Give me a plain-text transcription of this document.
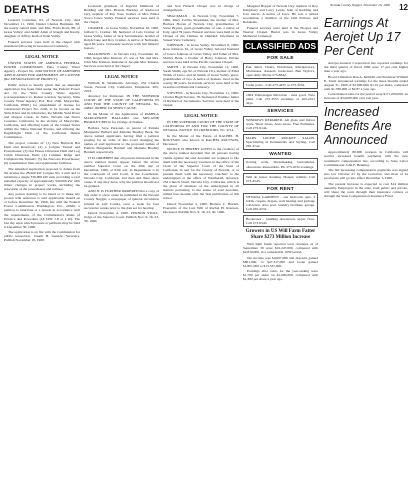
Nevada County Nugget, November 16, 1960 12
DEATHS

Leonard Cornelius, 63, of Nevada City, died November 11, 1960, Daniel Charles Hermann, 68, the nearly retired man, and Mrs. Freda Rock, 88, of Grass Valley; and Judith Allen of Rough and Ready, daughter of Jeffrey Rath of Penn Valley.

Funeral services were held at the chapel with interment following in Greenwood Cemetery.

LEGAL NOTICE

UNITED STATES OF AMERICA FEDERAL POWER COMMISSION Yuba County Water Agency - Project No. 2246 NOTICE OF AMENDED APPLICATION FOR AMENDMENT OF LICENSE (Re: DESIGNATION OF PROJECT).

Public notice is hereby given that an amended application has been filed under the Federal Power Act by the Yuba County Water Agency (correspondence to: Robert Loudon, Secretary, Yuba County Water Agency, P.O. Box 1569, Marysville, California 95901) for amendment of license for constructed Project No. 2246, to be located on the Yuba River and its tributaries, the Middle Yuba River and Oregon Creek, in Yuba, Nevada and Sierra Counties, California, in the vicinity of Marysville, California, and affecting lands of the United States within the Tahoe National Forests, and utilizing the Englebright Dam of the California Debris Commission.

The project consists of: (1) New Bullards Bar Dam and Reservoir; (2) a Colgate Tunnel and Powerhouse; (3) Our House Diversion Dam and Log Cabin Diversion Dam; (4) Lohman Ridge and Camptonville Tunnels; (5) the Narrows Powerhouse; (6) transmission lines and appurtenant facilities.

The amended application proposes to delete from the license the 28,000 kW Colgate No. 2 unit and to substitute a single 330,000 kW unit, providing a total installed capacity of approximately 340,000 kW with minor changes in project works, including the relocation of the powerhouse and tailrace.

Any person desiring to be heard or to make any protest with reference to said application should on or before December 30, 1960, file with the Federal Power Commission, Washington, D.C. 20426, a petition to intervene or a protest in accordance with the requirements of the Commission's Rules of Practice and Procedure (18 CFR 1.8 or 1.10). The last day upon which protests or petitions may be filed is December 30, 1960.

The application is on file with the Commission for public inspection. Joseph H. Gutride, Secretary. Publish November 16, 1960.

Leonards grandson of Ingvald Simmons of Redding and Mrs. Brenda Buckley of Redwood City, nephew of Ray Voss, brother of Mrs. Elmer Yocca Grace Valley. Funeral services were held at the chapel.

CRAMER - in Grass Valley, November 10, 1960, Gilbert C. Cramer, 66, husband of Lela Cramer of Grass Valley, father of Jack Sarasamonte, brother of Ralph Cane and Roy Cramer. A native of Nebraska, aged 66 years. Graveside services with full military honors.

MACKINNON - in Nevada City, November 10, 1960, Roger Mac Kinnon, 27, son of Mr. and Mrs. John Mac Kinnon, husband of Jacquie Mac Kinnon. Services were held at the chapel.

LEGAL NOTICE

William R. Weatherall, Attorney, 252 Church Street, Nevada City, California. Telephone: 265-2253.

Attorney for Petitioner. IN THE SUPERIOR COURT OF THE STATE OF CALIFORNIA IN AND FOR THE COUNTY OF NEVADA. No. 24892. ORDER TO SHOW CAUSE.

In the Matter of the Application of PAMELA MARGUERITE BALLARD and MELANIE BRADLEY BECK for Change of Names.

Barbara Saye Personal, as parent of Pamela Marguerite Ballard and Melanie Bradley Beck, the above named applicants, having filed a petition praying for an order of this Court changing the names of said applicants to the proposed names of Pamela Marguerite Bonnell and Melanie Bradley Bonnell respectively,

IT IS ORDERED that all persons interested in the above entitled matter appear before the above entitled Superior Court on the 29th day of December, 1960, at 9:00 a.m. in Department 1, in the courtroom of said Court, at the Courthouse, Nevada City, California, and then and there show cause, if any they have, why the petition should not be granted.

AND IT IS FURTHER ORDERED that a copy of this order to show cause be published in the Nevada County Nugget, a newspaper of general circulation printed in said County, once a week for four successive weeks prior to the date set for hearing.

Dated: November 4, 1960. VERNON STOLL, Judge of the Superior Court. Publish Nov. 9, 16, 23, 30, 1960.

and Son Funeral Chapel was in charge of arrangements.

SHACKMAN - in Nevada City, November 7, 1960, Mary Cecilia Shackman, the mother of Mrs. Barbara Hovan of Nevada City, grandmother of Steve Bryant, great-grandmother of one, a native of Italy, aged 79 years. Funeral services were held at the Chapel of the Chimes in Oakland. Interment in Sunset View Cemetery.

JOHNSON - in Grass Valley, November 8, 1960, Ross Johnson, 61, of Grass Valley, beloved husband of Grace Johnson of Grass Valley and father of Mrs. Shirley Beck, a brother of Harry Johnson. Private services were held at the Pacific Gardens Chapel.

SMITH - in Nevada City, November 11, 1960, Sarah Smith, age 92, of Nevada City, mother of Ethel Walsh of Chico and Al Smith of Grass Valley, great-grandmother of two. A native of Kansas, lived in the county 60 years. Graveside services were held at the Greenwood Memorial Cemetery.

STEVENS - in Nevada City, November 11, 1960, Charles Hugh Stevens, 78, husband of Pauline; father of Richard of Sacramento. Services were held at the chapel.

LEGAL NOTICE

IN THE SUPERIOR COURT OF THE STATE OF CALIFORNIA IN AND FOR THE COUNTY OF NEVADA. NOTICE TO CREDITORS. No. 4714.

In the Matter of the Estate of RACHEL H. ROUTSON, also known as RACHEL ROUTSON, Deceased.

NOTICE IS HEREBY GIVEN to the creditors of the above named decedent that all persons having claims against the said decedent are required to file them with the necessary vouchers in the office of the Clerk of the Superior Court of the State of California, in and for the County of Nevada, or to present them with the necessary vouchers to the undersigned at the office of Weatherall, Attorney, 252 Church Street, Nevada City, California, which is the place of business of the undersigned in all matters pertaining to the estate of said decedent, within four months after the first publication of this notice.

Dated: November 2, 1960. Bernice C. Hazlett, Executrix of the Last Will of Rachel H. Routson, Deceased. Publish Nov. 9, 16, 23, 30, 1960.

Margaret Hopper of Nevada City; nephew of Roy Kingsbury and Larry Lewis, both of Redding and four nieces. A native of Iowa. He was a retired woodsman, a member of the Odd Fellows and Rebekahs.

Funeral services were held at the Hooper and Weaver Chapel. Burial was in Grass Valley Memorial Cemetery.

CLASSIFIED ADS
FOR SALE
Pan, Meat, Chairs, Wardrobes, Refrigerators, Mattresses, dressers, bookcases. Ben Taylor's, open daily. Phone 273-8842.
Cedar posts - Call 273-4455 or 273-3232.
1964 Volkswagen Microbus - runs good. New paint. Call 272-3555 evenings or 265-2411 days.
SERVICES
WINDOWS REPAIRED. All glass and mirror work. Sheet Glass. Auto Glass. Free Estimates. Call 273-9144.
MARY LOUISE ROCKEY SALON. Specializing in Permanents and Styling. Call 265-2742.
WANTED
Ironing work. Dressmaking, buttonholes, alterations. Reasonable. Ph. 273-4532 evenings.
Will do house cleaning. Honest, reliable. Call 273-4545.
FOR RENT
NEVADA GARDENS - one bedroom, apts. 3 bdrm, carpets, drapes, wall heating and garbage collection. Also pool, laundry facilities, garage. Call 265-4531.
Bookcases - building downtown, upper floor. Call 273-6543.
Growers in US Will Farm Fatter Share $273 Million Increase

Well light funds reported total revenues as of September 30 were $10,247,000, compared with $2,810,000, in a comparable 1959 period.

Net income was $4,007,000 and deposits gained $801,000, to $27,317,000 and loans gained $1,801,000 to $13,537,000.

Earnings after taxes for the year-ending were $1,700 per share on $1,000,000, compared with $1,382 per share a year ago.

Earnings At Aerojet Up 17 Per Cent

Aerojet-General Corporation has reported earnings for the third quarter of fiscal 1960 were 17 per cent higher than a year ago.

Board Chairman Dan A. Kimball and President William E. Zisch announced earnings for the three months ended August 31, 1960 of $2,090,000, $1.01 per share, compared with $1,780,000 or $0.87 a year ago.

Consolidated sales for the period were $171,000,000, an increase of $54,000,000 over last year.

Increased Benefits Are Announced

Approximately 80,000 workers in California will receive increased benefit payments with the new workmen's compensation law, according to State Labor Commissioner John F. Henning.

The bill increasing compensation payments was signed into law October 21 by the Governor, and most of its provisions will go into effect December 1, 1960.

The present increase is expected to cost $14 million annually. Employers in the state, both public and private, will share the costs through their insurance carriers or through the State Compensation Insurance Fund.
